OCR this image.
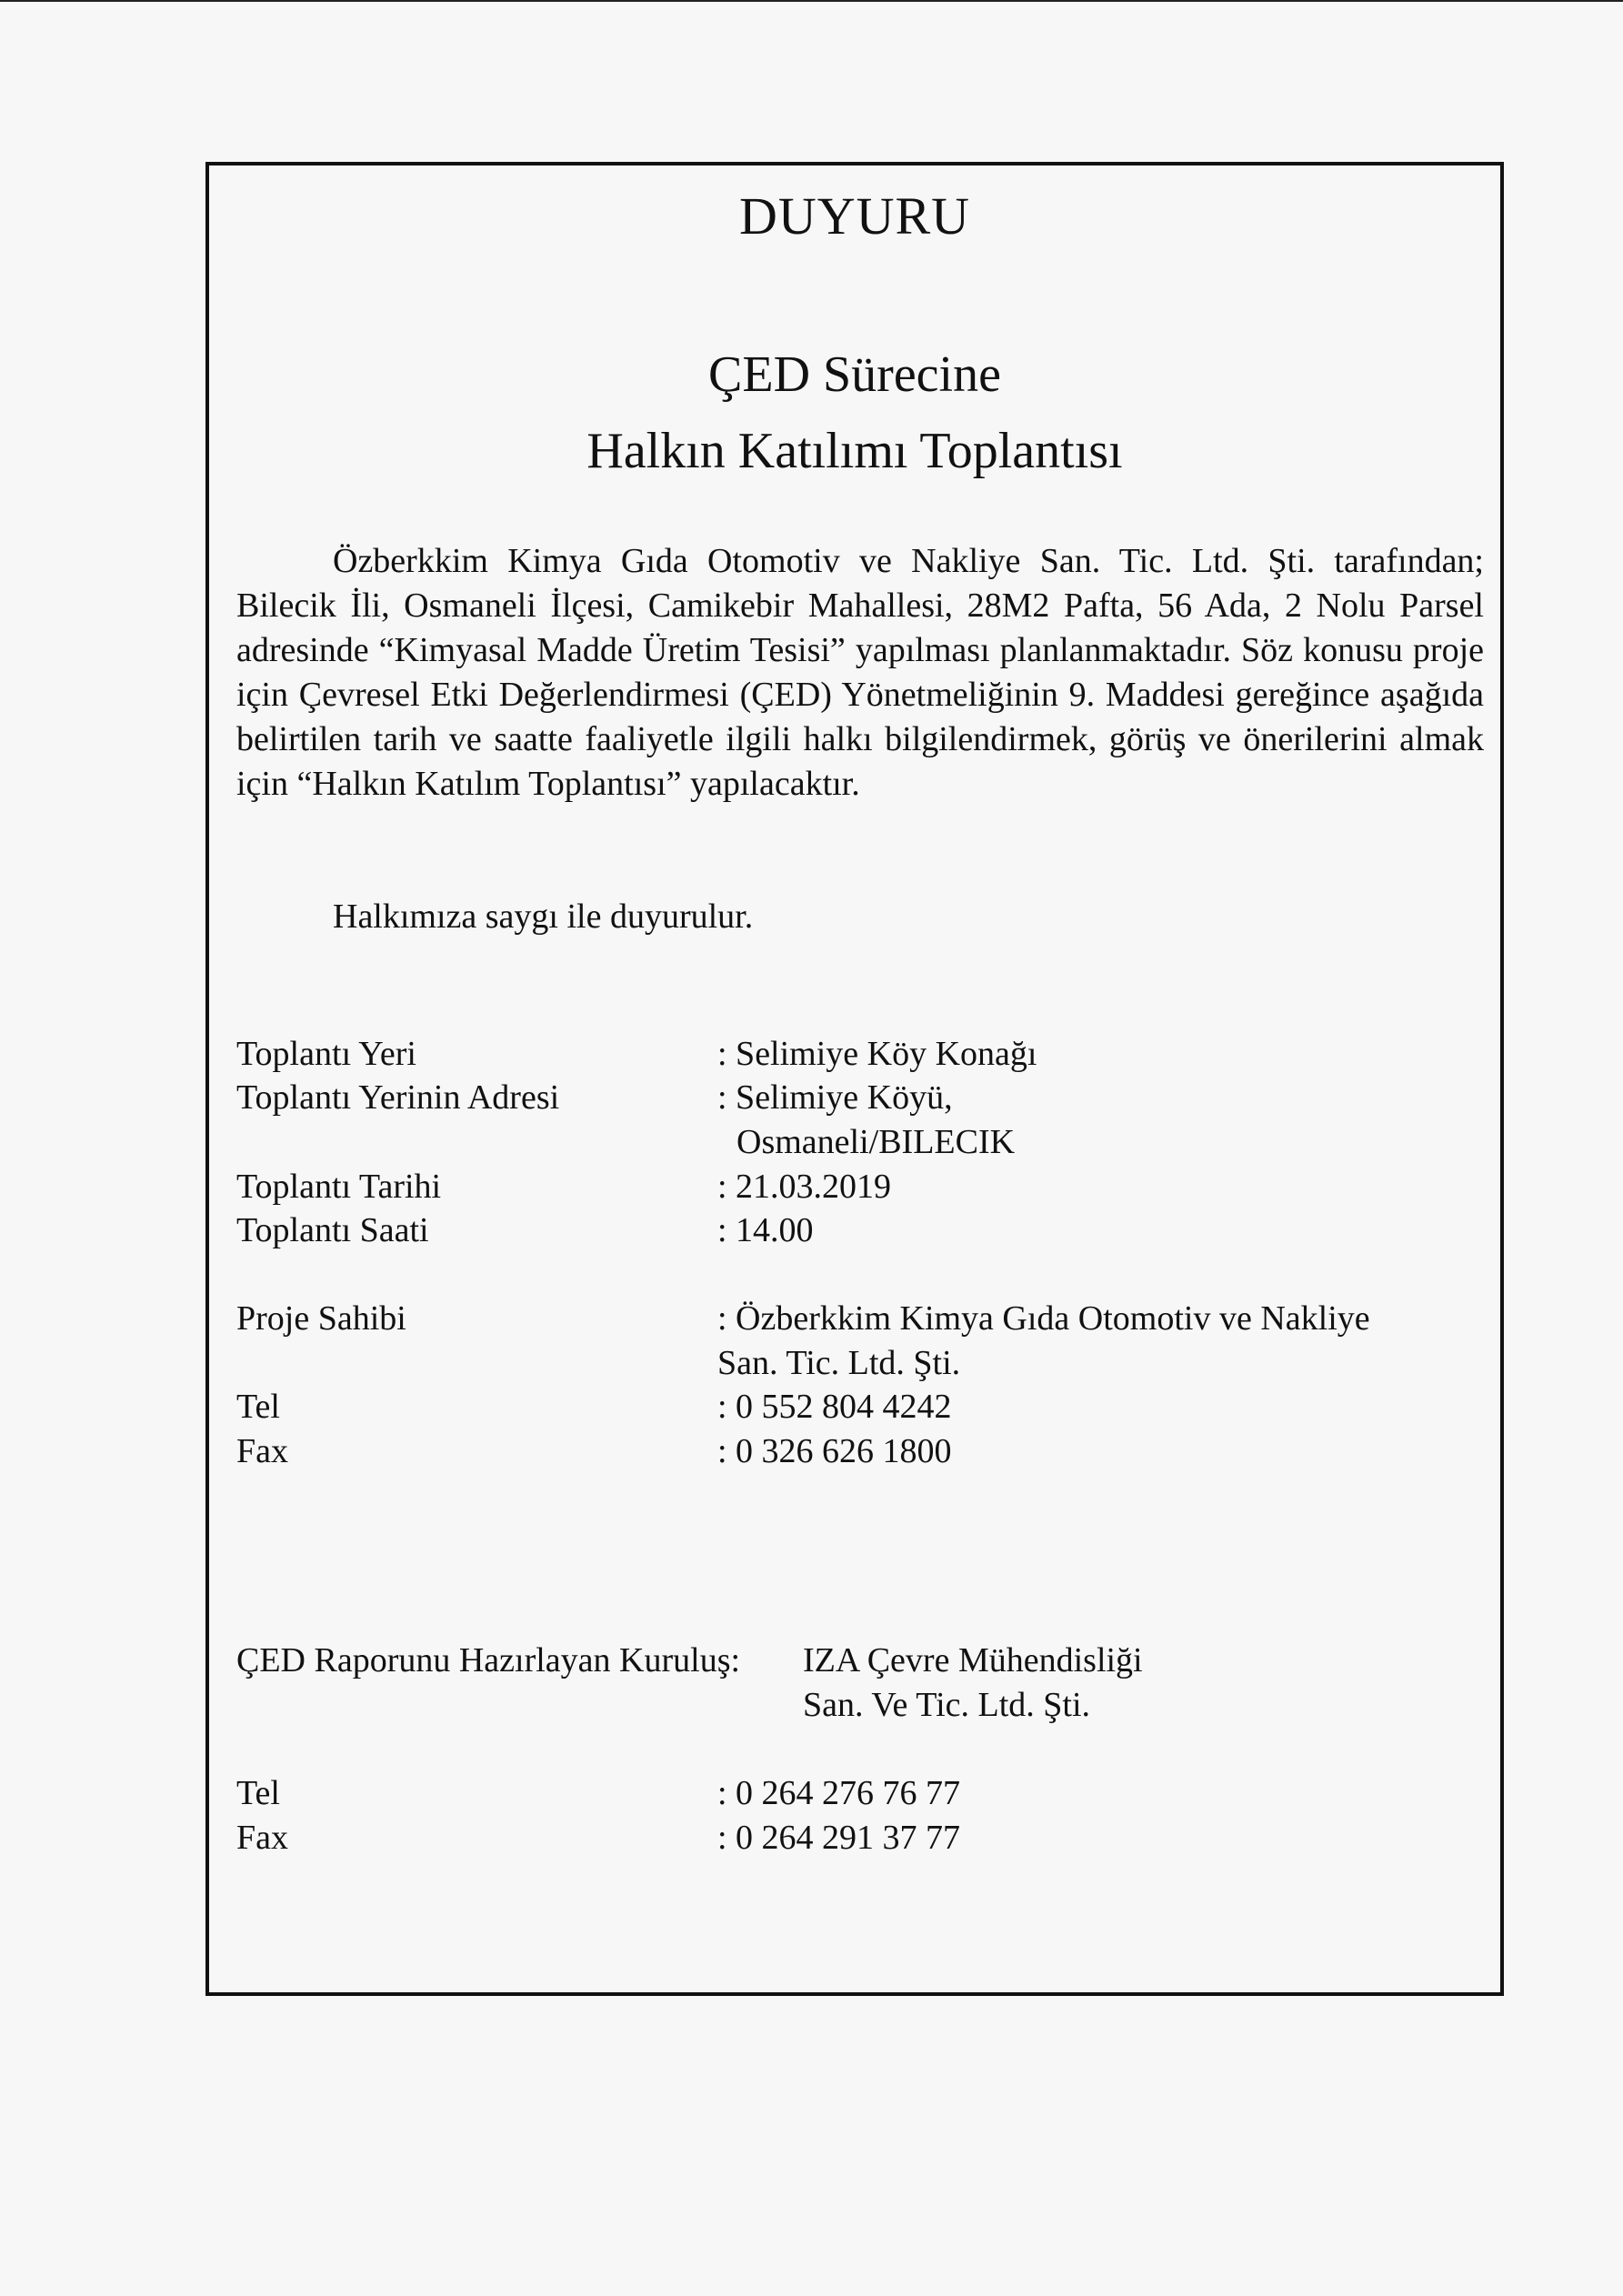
DUYURU
ÇED Sürecine
Halkın Katılımı Toplantısı

Özberkkim Kimya Gıda Otomotiv ve Nakliye San. Tic. Ltd. Şti. tarafından; Bilecik İli, Osmaneli İlçesi, Camikebir Mahallesi, 28M2 Pafta, 56 Ada, 2 Nolu Parsel adresinde “Kimyasal Madde Üretim Tesisi” yapılması planlanmaktadır. Söz konusu proje için Çevresel Etki Değerlendirmesi (ÇED) Yönetmeliğinin 9. Maddesi gereğince aşağıda belirtilen tarih ve saatte faaliyetle ilgili halkı bilgilendirmek, görüş ve önerilerini almak için “Halkın Katılım Toplantısı” yapılacaktır.

Halkımıza saygı ile duyurulur.
Toplantı Yeri	: Selimiye Köy Konağı
Toplantı Yerinin Adresi	: Selimiye Köyü,
Osmaneli/BILECIK
Toplantı Tarihi	: 21.03.2019
Toplantı Saati	: 14.00
Proje Sahibi	: Özberkkim Kimya Gıda Otomotiv ve Nakliye
San. Tic. Ltd. Şti.
Tel	: 0 552 804 4242
Fax	: 0 326 626 1800
ÇED Raporunu Hazırlayan Kuruluş: IZA Çevre Mühendisliği
San. Ve Tic. Ltd. Şti.
Tel	: 0 264 276 76 77
Fax	: 0 264 291 37 77
